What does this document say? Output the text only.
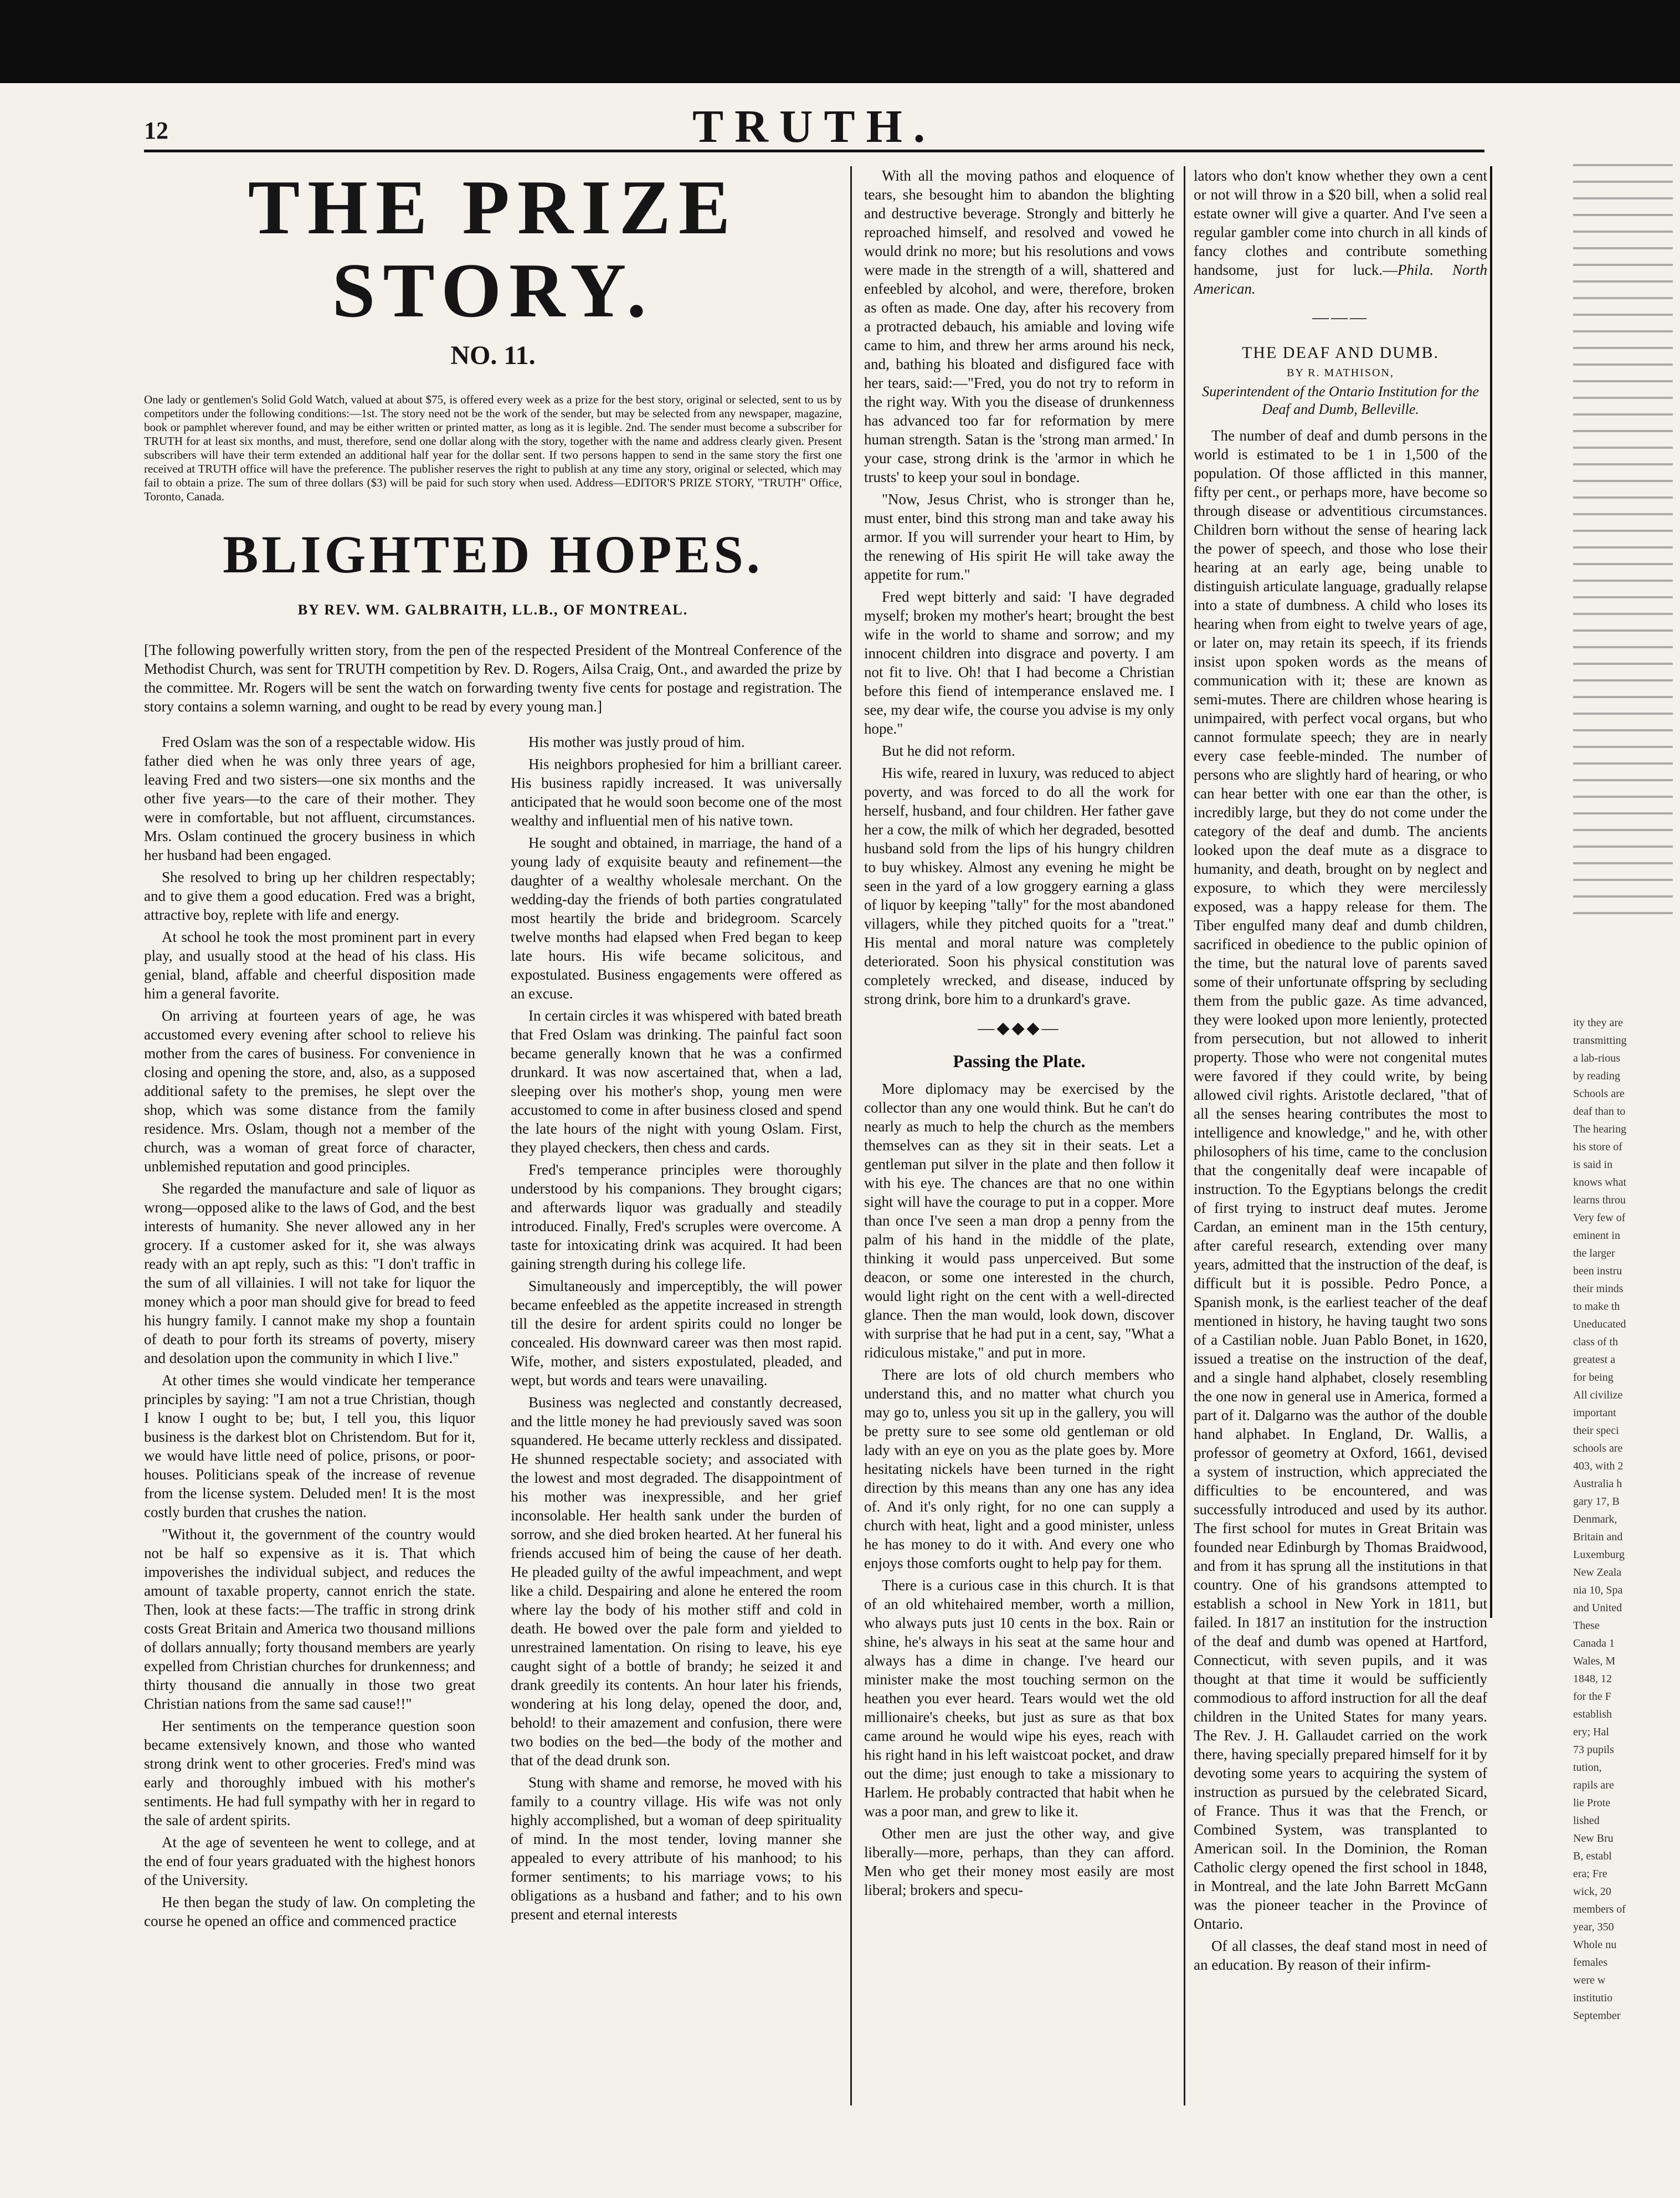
12	TRUTH.
THE PRIZE STORY.
NO. 11.

One lady or gentlemen's Solid Gold Watch, valued at about $75, is offered every week as a prize for the best story, original or selected, sent to us by competitors under the following conditions:—1st. The story need not be the work of the sender, but may be selected from any newspaper, magazine, book or pamphlet wherever found, and may be either written or printed matter, as long as it is legible. 2nd. The sender must become a subscriber for TRUTH for at least six months, and must, therefore, send one dollar along with the story, together with the name and address clearly given. Present subscribers will have their term extended an additional half year for the dollar sent. If two persons happen to send in the same story the first one received at TRUTH office will have the preference. The publisher reserves the right to publish at any time any story, original or selected, which may fail to obtain a prize. The sum of three dollars ($3) will be paid for such story when used. Address—EDITOR'S PRIZE STORY, "TRUTH" Office, Toronto, Canada.

BLIGHTED HOPES.
BY REV. WM. GALBRAITH, LL.B., OF MONTREAL.

[The following powerfully written story, from the pen of the respected President of the Montreal Conference of the Methodist Church, was sent for TRUTH competition by Rev. D. Rogers, Ailsa Craig, Ont., and awarded the prize by the committee. Mr. Rogers will be sent the watch on forwarding twenty five cents for postage and registration. The story contains a solemn warning, and ought to be read by every young man.]

Fred Oslam was the son of a respectable widow. His father died when he was only three years of age, leaving Fred and two sisters—one six months and the other five years—to the care of their mother. They were in comfortable, but not affluent, circumstances. Mrs. Oslam continued the grocery business in which her husband had been engaged.

She resolved to bring up her children respectably; and to give them a good education. Fred was a bright, attractive boy, replete with life and energy.

At school he took the most prominent part in every play, and usually stood at the head of his class. His genial, bland, affable and cheerful disposition made him a general favorite.

On arriving at fourteen years of age, he was accustomed every evening after school to relieve his mother from the cares of business. For convenience in closing and opening the store, and, also, as a supposed additional safety to the premises, he slept over the shop, which was some distance from the family residence. Mrs. Oslam, though not a member of the church, was a woman of great force of character, unblemished reputation and good principles.

She regarded the manufacture and sale of liquor as wrong—opposed alike to the laws of God, and the best interests of humanity. She never allowed any in her grocery. If a customer asked for it, she was always ready with an apt reply, such as this: "I don't traffic in the sum of all villainies. I will not take for liquor the money which a poor man should give for bread to feed his hungry family. I cannot make my shop a fountain of death to pour forth its streams of poverty, misery and desolation upon the community in which I live."

At other times she would vindicate her temperance principles by saying: "I am not a true Christian, though I know I ought to be; but, I tell you, this liquor business is the darkest blot on Christendom. But for it, we would have little need of police, prisons, or poor-houses. Politicians speak of the increase of revenue from the license system. Deluded men! It is the most costly burden that crushes the nation.

"Without it, the government of the country would not be half so expensive as it is. That which impoverishes the individual subject, and reduces the amount of taxable property, cannot enrich the state. Then, look at these facts:—The traffic in strong drink costs Great Britain and America two thousand millions of dollars annually; forty thousand members are yearly expelled from Christian churches for drunkenness; and thirty thousand die annually in those two great Christian nations from the same sad cause!!"

Her sentiments on the temperance question soon became extensively known, and those who wanted strong drink went to other groceries. Fred's mind was early and thoroughly imbued with his mother's sentiments. He had full sympathy with her in regard to the sale of ardent spirits.

At the age of seventeen he went to college, and at the end of four years graduated with the highest honors of the University.

He then began the study of law. On completing the course he opened an office and commenced practice

His mother was justly proud of him.

His neighbors prophesied for him a brilliant career. His business rapidly increased. It was universally anticipated that he would soon become one of the most wealthy and influential men of his native town.

He sought and obtained, in marriage, the hand of a young lady of exquisite beauty and refinement—the daughter of a wealthy wholesale merchant. On the wedding-day the friends of both parties congratulated most heartily the bride and bridegroom. Scarcely twelve months had elapsed when Fred began to keep late hours. His wife became solicitous, and expostulated. Business engagements were offered as an excuse.

In certain circles it was whispered with bated breath that Fred Oslam was drinking. The painful fact soon became generally known that he was a confirmed drunkard. It was now ascertained that, when a lad, sleeping over his mother's shop, young men were accustomed to come in after business closed and spend the late hours of the night with young Oslam. First, they played checkers, then chess and cards.

Fred's temperance principles were thoroughly understood by his companions. They brought cigars; and afterwards liquor was gradually and steadily introduced. Finally, Fred's scruples were overcome. A taste for intoxicating drink was acquired. It had been gaining strength during his college life.

Simultaneously and imperceptibly, the will power became enfeebled as the appetite increased in strength till the desire for ardent spirits could no longer be concealed. His downward career was then most rapid. Wife, mother, and sisters expostulated, pleaded, and wept, but words and tears were unavailing.

Business was neglected and constantly decreased, and the little money he had previously saved was soon squandered. He became utterly reckless and dissipated. He shunned respectable society; and associated with the lowest and most degraded. The disappointment of his mother was inexpressible, and her grief inconsolable. Her health sank under the burden of sorrow, and she died broken hearted. At her funeral his friends accused him of being the cause of her death. He pleaded guilty of the awful impeachment, and wept like a child. Despairing and alone he entered the room where lay the body of his mother stiff and cold in death. He bowed over the pale form and yielded to unrestrained lamentation. On rising to leave, his eye caught sight of a bottle of brandy; he seized it and drank greedily its contents. An hour later his friends, wondering at his long delay, opened the door, and, behold! to their amazement and confusion, there were two bodies on the bed—the body of the mother and that of the dead drunk son.

Stung with shame and remorse, he moved with his family to a country village. His wife was not only highly accomplished, but a woman of deep spirituality of mind. In the most tender, loving manner she appealed to every attribute of his manhood; to his former sentiments; to his marriage vows; to his obligations as a husband and father; and to his own present and eternal interests

With all the moving pathos and eloquence of tears, she besought him to abandon the blighting and destructive beverage. Strongly and bitterly he reproached himself, and resolved and vowed he would drink no more; but his resolutions and vows were made in the strength of a will, shattered and enfeebled by alcohol, and were, therefore, broken as often as made. One day, after his recovery from a protracted debauch, his amiable and loving wife came to him, and threw her arms around his neck, and, bathing his bloated and disfigured face with her tears, said:—"Fred, you do not try to reform in the right way. With you the disease of drunkenness has advanced too far for reformation by mere human strength. Satan is the 'strong man armed.' In your case, strong drink is the 'armor in which he trusts' to keep your soul in bondage.

"Now, Jesus Christ, who is stronger than he, must enter, bind this strong man and take away his armor. If you will surrender your heart to Him, by the renewing of His spirit He will take away the appetite for rum."

Fred wept bitterly and said: 'I have degraded myself; broken my mother's heart; brought the best wife in the world to shame and sorrow; and my innocent children into disgrace and poverty. I am not fit to live. Oh! that I had become a Christian before this fiend of intemperance enslaved me. I see, my dear wife, the course you advise is my only hope."

But he did not reform.

His wife, reared in luxury, was reduced to abject poverty, and was forced to do all the work for herself, husband, and four children. Her father gave her a cow, the milk of which her degraded, besotted husband sold from the lips of his hungry children to buy whiskey. Almost any evening he might be seen in the yard of a low groggery earning a glass of liquor by keeping "tally" for the most abandoned villagers, while they pitched quoits for a "treat." His mental and moral nature was completely deteriorated. Soon his physical constitution was completely wrecked, and disease, induced by strong drink, bore him to a drunkard's grave.

—◆◆◆—
Passing the Plate.

More diplomacy may be exercised by the collector than any one would think. But he can't do nearly as much to help the church as the members themselves can as they sit in their seats. Let a gentleman put silver in the plate and then follow it with his eye. The chances are that no one within sight will have the courage to put in a copper. More than once I've seen a man drop a penny from the palm of his hand in the middle of the plate, thinking it would pass unperceived. But some deacon, or some one interested in the church, would light right on the cent with a well-directed glance. Then the man would, look down, discover with surprise that he had put in a cent, say, "What a ridiculous mistake," and put in more.

There are lots of old church members who understand this, and no matter what church you may go to, unless you sit up in the gallery, you will be pretty sure to see some old gentleman or old lady with an eye on you as the plate goes by. More hesitating nickels have been turned in the right direction by this means than any one has any idea of. And it's only right, for no one can supply a church with heat, light and a good minister, unless he has money to do it with. And every one who enjoys those comforts ought to help pay for them.

There is a curious case in this church. It is that of an old whitehaired member, worth a million, who always puts just 10 cents in the box. Rain or shine, he's always in his seat at the same hour and always has a dime in change. I've heard our minister make the most touching sermon on the heathen you ever heard. Tears would wet the old millionaire's cheeks, but just as sure as that box came around he would wipe his eyes, reach with his right hand in his left waistcoat pocket, and draw out the dime; just enough to take a missionary to Harlem. He probably contracted that habit when he was a poor man, and grew to like it.

Other men are just the other way, and give liberally—more, perhaps, than they can afford. Men who get their money most easily are most liberal; brokers and specu-

lators who don't know whether they own a cent or not will throw in a $20 bill, when a solid real estate owner will give a quarter. And I've seen a regular gambler come into church in all kinds of fancy clothes and contribute something handsome, just for luck.—Phila. North American.

———
THE DEAF AND DUMB.
BY R. MATHISON,
Superintendent of the Ontario Institution for the Deaf and Dumb, Belleville.

The number of deaf and dumb persons in the world is estimated to be 1 in 1,500 of the population. Of those afflicted in this manner, fifty per cent., or perhaps more, have become so through disease or adventitious circumstances. Children born without the sense of hearing lack the power of speech, and those who lose their hearing at an early age, being unable to distinguish articulate language, gradually relapse into a state of dumbness. A child who loses its hearing when from eight to twelve years of age, or later on, may retain its speech, if its friends insist upon spoken words as the means of communication with it; these are known as semi-mutes. There are children whose hearing is unimpaired, with perfect vocal organs, but who cannot formulate speech; they are in nearly every case feeble-minded. The number of persons who are slightly hard of hearing, or who can hear better with one ear than the other, is incredibly large, but they do not come under the category of the deaf and dumb. The ancients looked upon the deaf mute as a disgrace to humanity, and death, brought on by neglect and exposure, to which they were mercilessly exposed, was a happy release for them. The Tiber engulfed many deaf and dumb children, sacrificed in obedience to the public opinion of the time, but the natural love of parents saved some of their unfortunate offspring by secluding them from the public gaze. As time advanced, they were looked upon more leniently, protected from persecution, but not allowed to inherit property. Those who were not congenital mutes were favored if they could write, by being allowed civil rights. Aristotle declared, "that of all the senses hearing contributes the most to intelligence and knowledge," and he, with other philosophers of his time, came to the conclusion that the congenitally deaf were incapable of instruction. To the Egyptians belongs the credit of first trying to instruct deaf mutes. Jerome Cardan, an eminent man in the 15th century, after careful research, extending over many years, admitted that the instruction of the deaf, is difficult but it is possible. Pedro Ponce, a Spanish monk, is the earliest teacher of the deaf mentioned in history, he having taught two sons of a Castilian noble. Juan Pablo Bonet, in 1620, issued a treatise on the instruction of the deaf, and a single hand alphabet, closely resembling the one now in general use in America, formed a part of it. Dalgarno was the author of the double hand alphabet. In England, Dr. Wallis, a professor of geometry at Oxford, 1661, devised a system of instruction, which appreciated the difficulties to be encountered, and was successfully introduced and used by its author. The first school for mutes in Great Britain was founded near Edinburgh by Thomas Braidwood, and from it has sprung all the institutions in that country. One of his grandsons attempted to establish a school in New York in 1811, but failed. In 1817 an institution for the instruction of the deaf and dumb was opened at Hartford, Connecticut, with seven pupils, and it was thought at that time it would be sufficiently commodious to afford instruction for all the deaf children in the United States for many years. The Rev. J. H. Gallaudet carried on the work there, having specially prepared himself for it by devoting some years to acquiring the system of instruction as pursued by the celebrated Sicard, of France. Thus it was that the French, or Combined System, was transplanted to American soil. In the Dominion, the Roman Catholic clergy opened the first school in 1848, in Montreal, and the late John Barrett McGann was the pioneer teacher in the Province of Ontario.

Of all classes, the deaf stand most in need of an education. By reason of their infirm-

ity they are
transmitting
a lab-rious
by reading
Schools are
deaf than to
The hearing
his store of
is said in
knows what
learns throu
Very few of
eminent in
the larger
been instru
their minds
to make th
Uneducated
class of th
greatest a
for being
All civilize
important
their speci
schools are
403, with 2
Australia h
gary 17, B
Denmark,
Britain and
Luxemburg
New Zeala
nia 10, Spa
and United
These
Canada 1
Wales, M
1848, 12
for the F
establish
ery; Hal
73 pupils
tution,
rapils are
lie Prote
lished
New Bru
B, establ
era; Fre
wick, 20
members of
year, 350
Whole nu
females
were w
institutio
September
